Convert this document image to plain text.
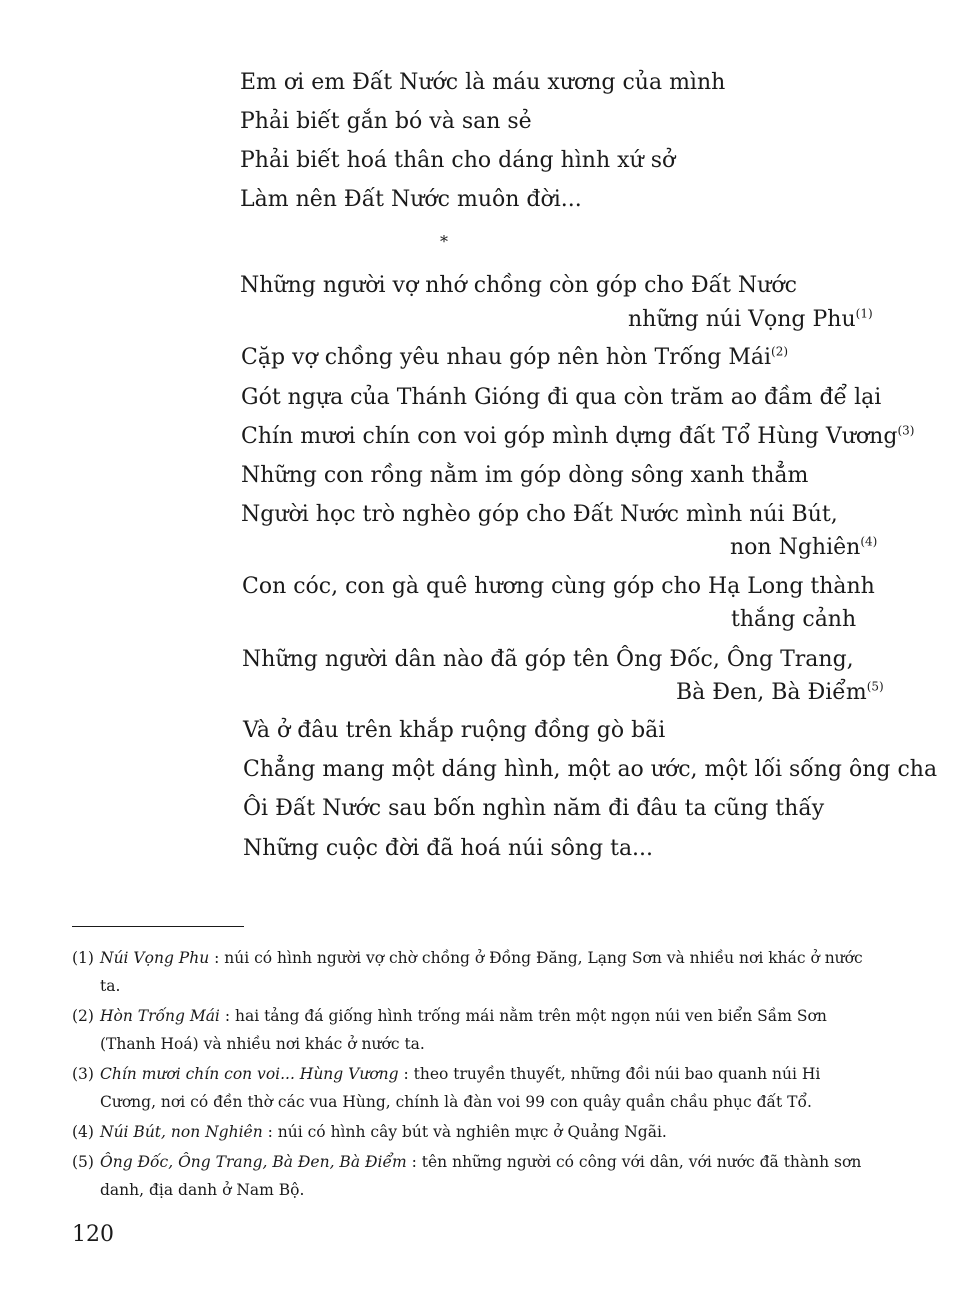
Em ơi em Đất Nước là máu xương của mình
Phải biết gắn bó và san sẻ
Phải biết hoá thân cho dáng hình xứ sở
Làm nên Đất Nước muôn đời...
*
Những người vợ nhớ chồng còn góp cho Đất Nước
những núi Vọng Phu$^{(1)}$
Cặp vợ chồng yêu nhau góp nên hòn Trống Mái$^{(2)}$
Gót ngựa của Thánh Gióng đi qua còn trăm ao đầm để lại
Chín mươi chín con voi góp mình dựng đất Tổ Hùng Vương$^{(3)}$
Những con rồng nằm im góp dòng sông xanh thẳm
Người học trò nghèo góp cho Đất Nước mình núi Bút,
non Nghiên$^{(4)}$
Con cóc, con gà quê hương cùng góp cho Hạ Long thành
thắng cảnh
Những người dân nào đã góp tên Ông Đốc, Ông Trang,
Bà Đen, Bà Điểm$^{(5)}$
Và ở đâu trên khắp ruộng đồng gò bãi
Chẳng mang một dáng hình, một ao ước, một lối sống ông cha
Ôi Đất Nước sau bốn nghìn năm đi đâu ta cũng thấy
Những cuộc đời đã hoá núi sông ta...
(1) Núi Vọng Phu : núi có hình người vợ chờ chồng ở Đồng Đăng, Lạng Sơn và nhiều nơi khác ở nước ta.
(2) Hòn Trống Mái : hai tảng đá giống hình trống mái nằm trên một ngọn núi ven biển Sầm Sơn (Thanh Hoá) và nhiều nơi khác ở nước ta.
(3) Chín mươi chín con voi... Hùng Vương : theo truyền thuyết, những đồi núi bao quanh núi Hi Cương, nơi có đền thờ các vua Hùng, chính là đàn voi 99 con quây quần chầu phục đất Tổ.
(4) Núi Bút, non Nghiên : núi có hình cây bút và nghiên mực ở Quảng Ngãi.
(5) Ông Đốc, Ông Trang, Bà Đen, Bà Điểm : tên những người có công với dân, với nước đã thành sơn danh, địa danh ở Nam Bộ.
120
